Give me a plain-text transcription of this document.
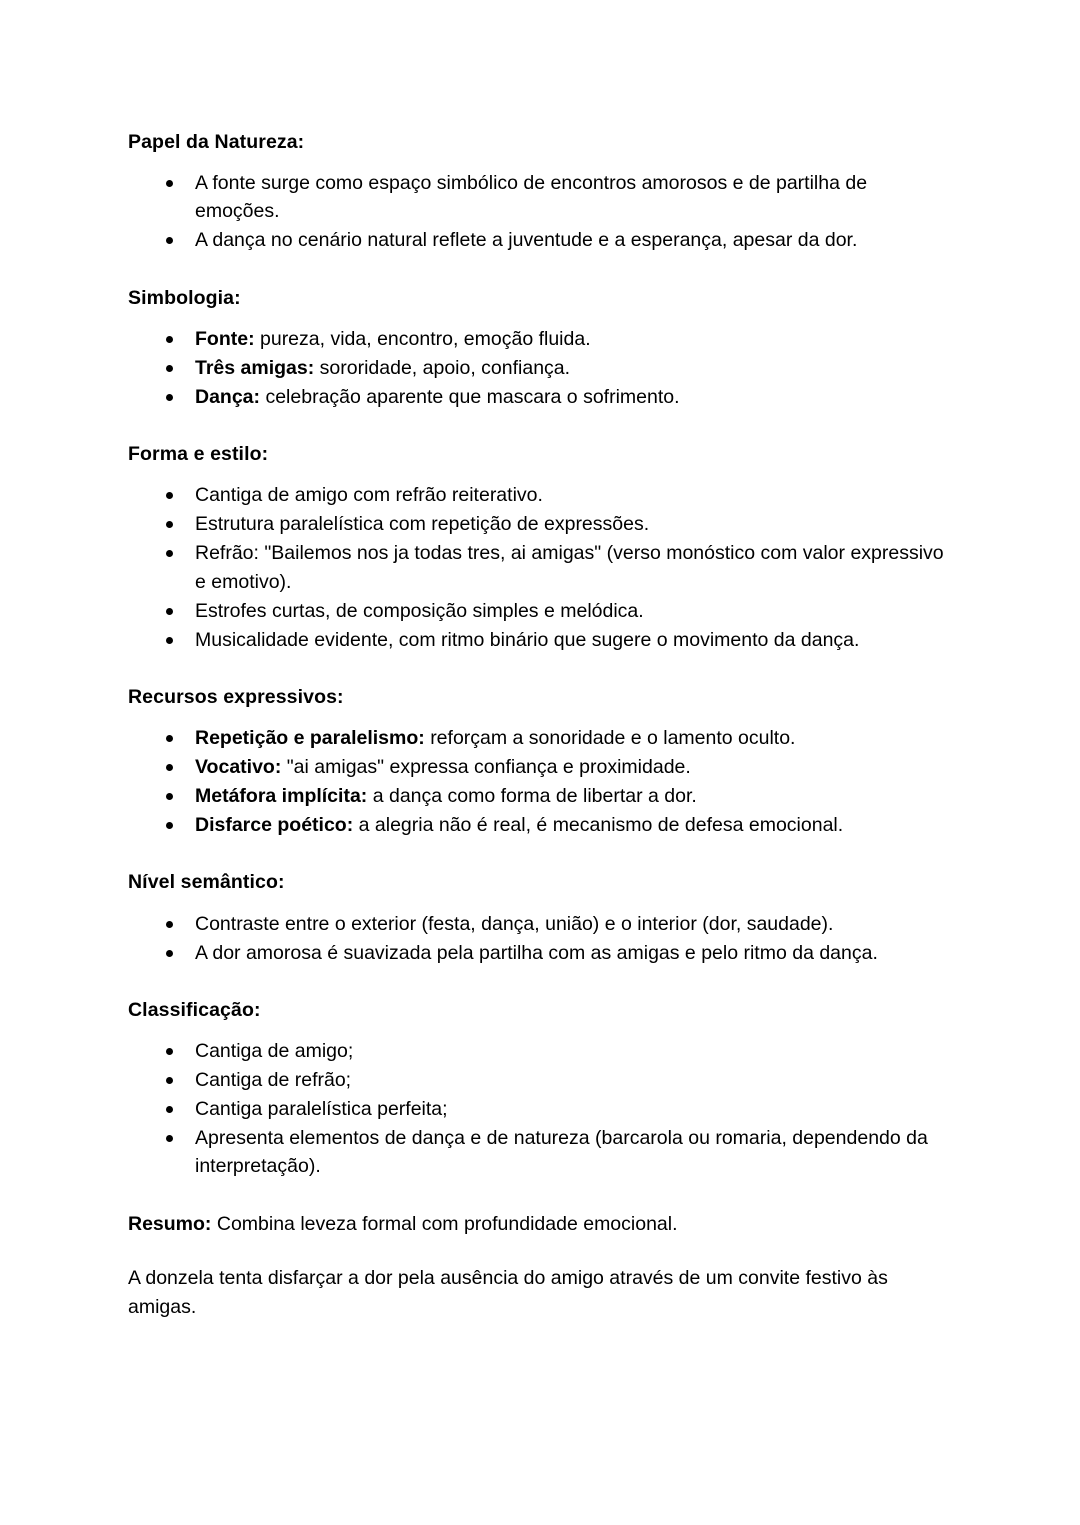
Papel da Natureza:
A fonte surge como espaço simbólico de encontros amorosos e de partilha de emoções.
A dança no cenário natural reflete a juventude e a esperança, apesar da dor.
Simbologia:
Fonte: pureza, vida, encontro, emoção fluida.
Três amigas: sororidade, apoio, confiança.
Dança: celebração aparente que mascara o sofrimento.
Forma e estilo:
Cantiga de amigo com refrão reiterativo.
Estrutura paralelística com repetição de expressões.
Refrão: "Bailemos nos ja todas tres, ai amigas" (verso monóstico com valor expressivo e emotivo).
Estrofes curtas, de composição simples e melódica.
Musicalidade evidente, com ritmo binário que sugere o movimento da dança.
Recursos expressivos:
Repetição e paralelismo: reforçam a sonoridade e o lamento oculto.
Vocativo: "ai amigas" expressa confiança e proximidade.
Metáfora implícita: a dança como forma de libertar a dor.
Disfarce poético: a alegria não é real, é mecanismo de defesa emocional.
Nível semântico:
Contraste entre o exterior (festa, dança, união) e o interior (dor, saudade).
A dor amorosa é suavizada pela partilha com as amigas e pelo ritmo da dança.
Classificação:
Cantiga de amigo;
Cantiga de refrão;
Cantiga paralelística perfeita;
Apresenta elementos de dança e de natureza (barcarola ou romaria, dependendo da interpretação).

Resumo: Combina leveza formal com profundidade emocional.

A donzela tenta disfarçar a dor pela ausência do amigo através de um convite festivo às amigas.
